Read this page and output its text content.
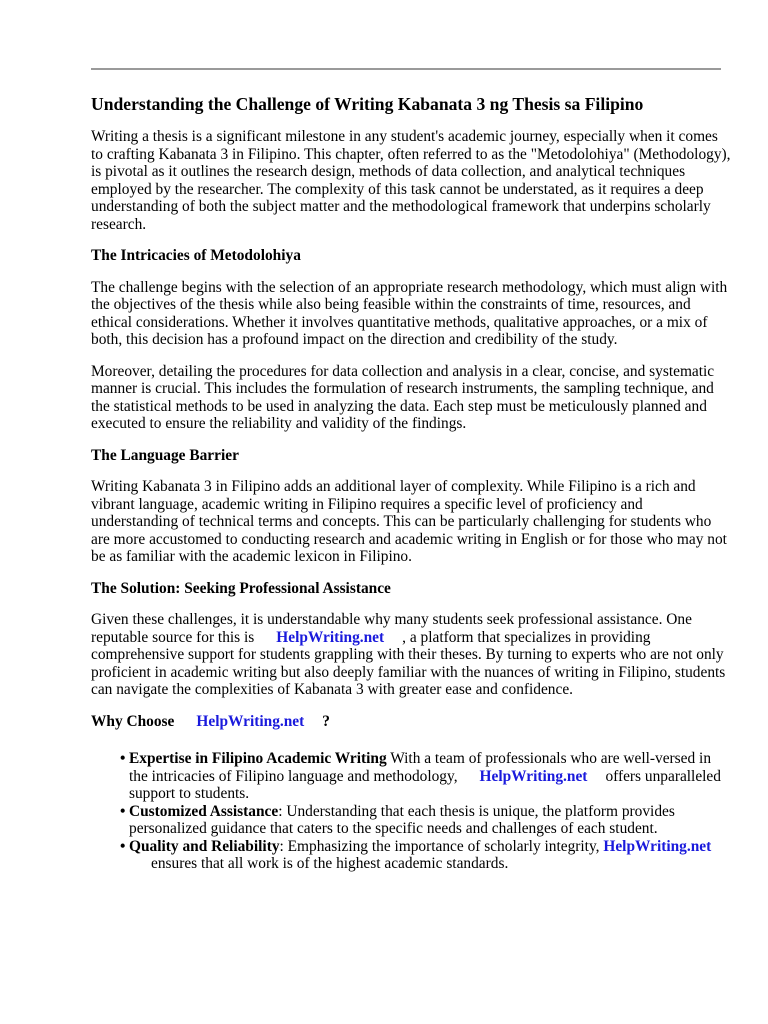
Understanding the Challenge of Writing Kabanata 3 ng Thesis sa Filipino

Writing a thesis is a significant milestone in any student's academic journey, especially when it comes to crafting Kabanata 3 in Filipino. This chapter, often referred to as the "Metodolohiya" (Methodology), is pivotal as it outlines the research design, methods of data collection, and analytical techniques employed by the researcher. The complexity of this task cannot be understated, as it requires a deep understanding of both the subject matter and the methodological framework that underpins scholarly research.

The Intricacies of Metodolohiya

The challenge begins with the selection of an appropriate research methodology, which must align with the objectives of the thesis while also being feasible within the constraints of time, resources, and ethical considerations. Whether it involves quantitative methods, qualitative approaches, or a mix of both, this decision has a profound impact on the direction and credibility of the study.

Moreover, detailing the procedures for data collection and analysis in a clear, concise, and systematic manner is crucial. This includes the formulation of research instruments, the sampling technique, and the statistical methods to be used in analyzing the data. Each step must be meticulously planned and executed to ensure the reliability and validity of the findings.

The Language Barrier

Writing Kabanata 3 in Filipino adds an additional layer of complexity. While Filipino is a rich and vibrant language, academic writing in Filipino requires a specific level of proficiency and understanding of technical terms and concepts. This can be particularly challenging for students who are more accustomed to conducting research and academic writing in English or for those who may not be as familiar with the academic lexicon in Filipino.

The Solution: Seeking Professional Assistance

Given these challenges, it is understandable why many students seek professional assistance. One reputable source for this is HelpWriting.net , a platform that specializes in providing comprehensive support for students grappling with their theses. By turning to experts who are not only proficient in academic writing but also deeply familiar with the nuances of writing in Filipino, students can navigate the complexities of Kabanata 3 with greater ease and confidence.

Why Choose HelpWriting.net ?
• Expertise in Filipino Academic Writing With a team of professionals who are well-versed in the intricacies of Filipino language and methodology, HelpWriting.net offers unparalleled support to students.
• Customized Assistance: Understanding that each thesis is unique, the platform provides personalized guidance that caters to the specific needs and challenges of each student.
• Quality and Reliability: Emphasizing the importance of scholarly integrity, HelpWriting.netensures that all work is of the highest academic standards.
